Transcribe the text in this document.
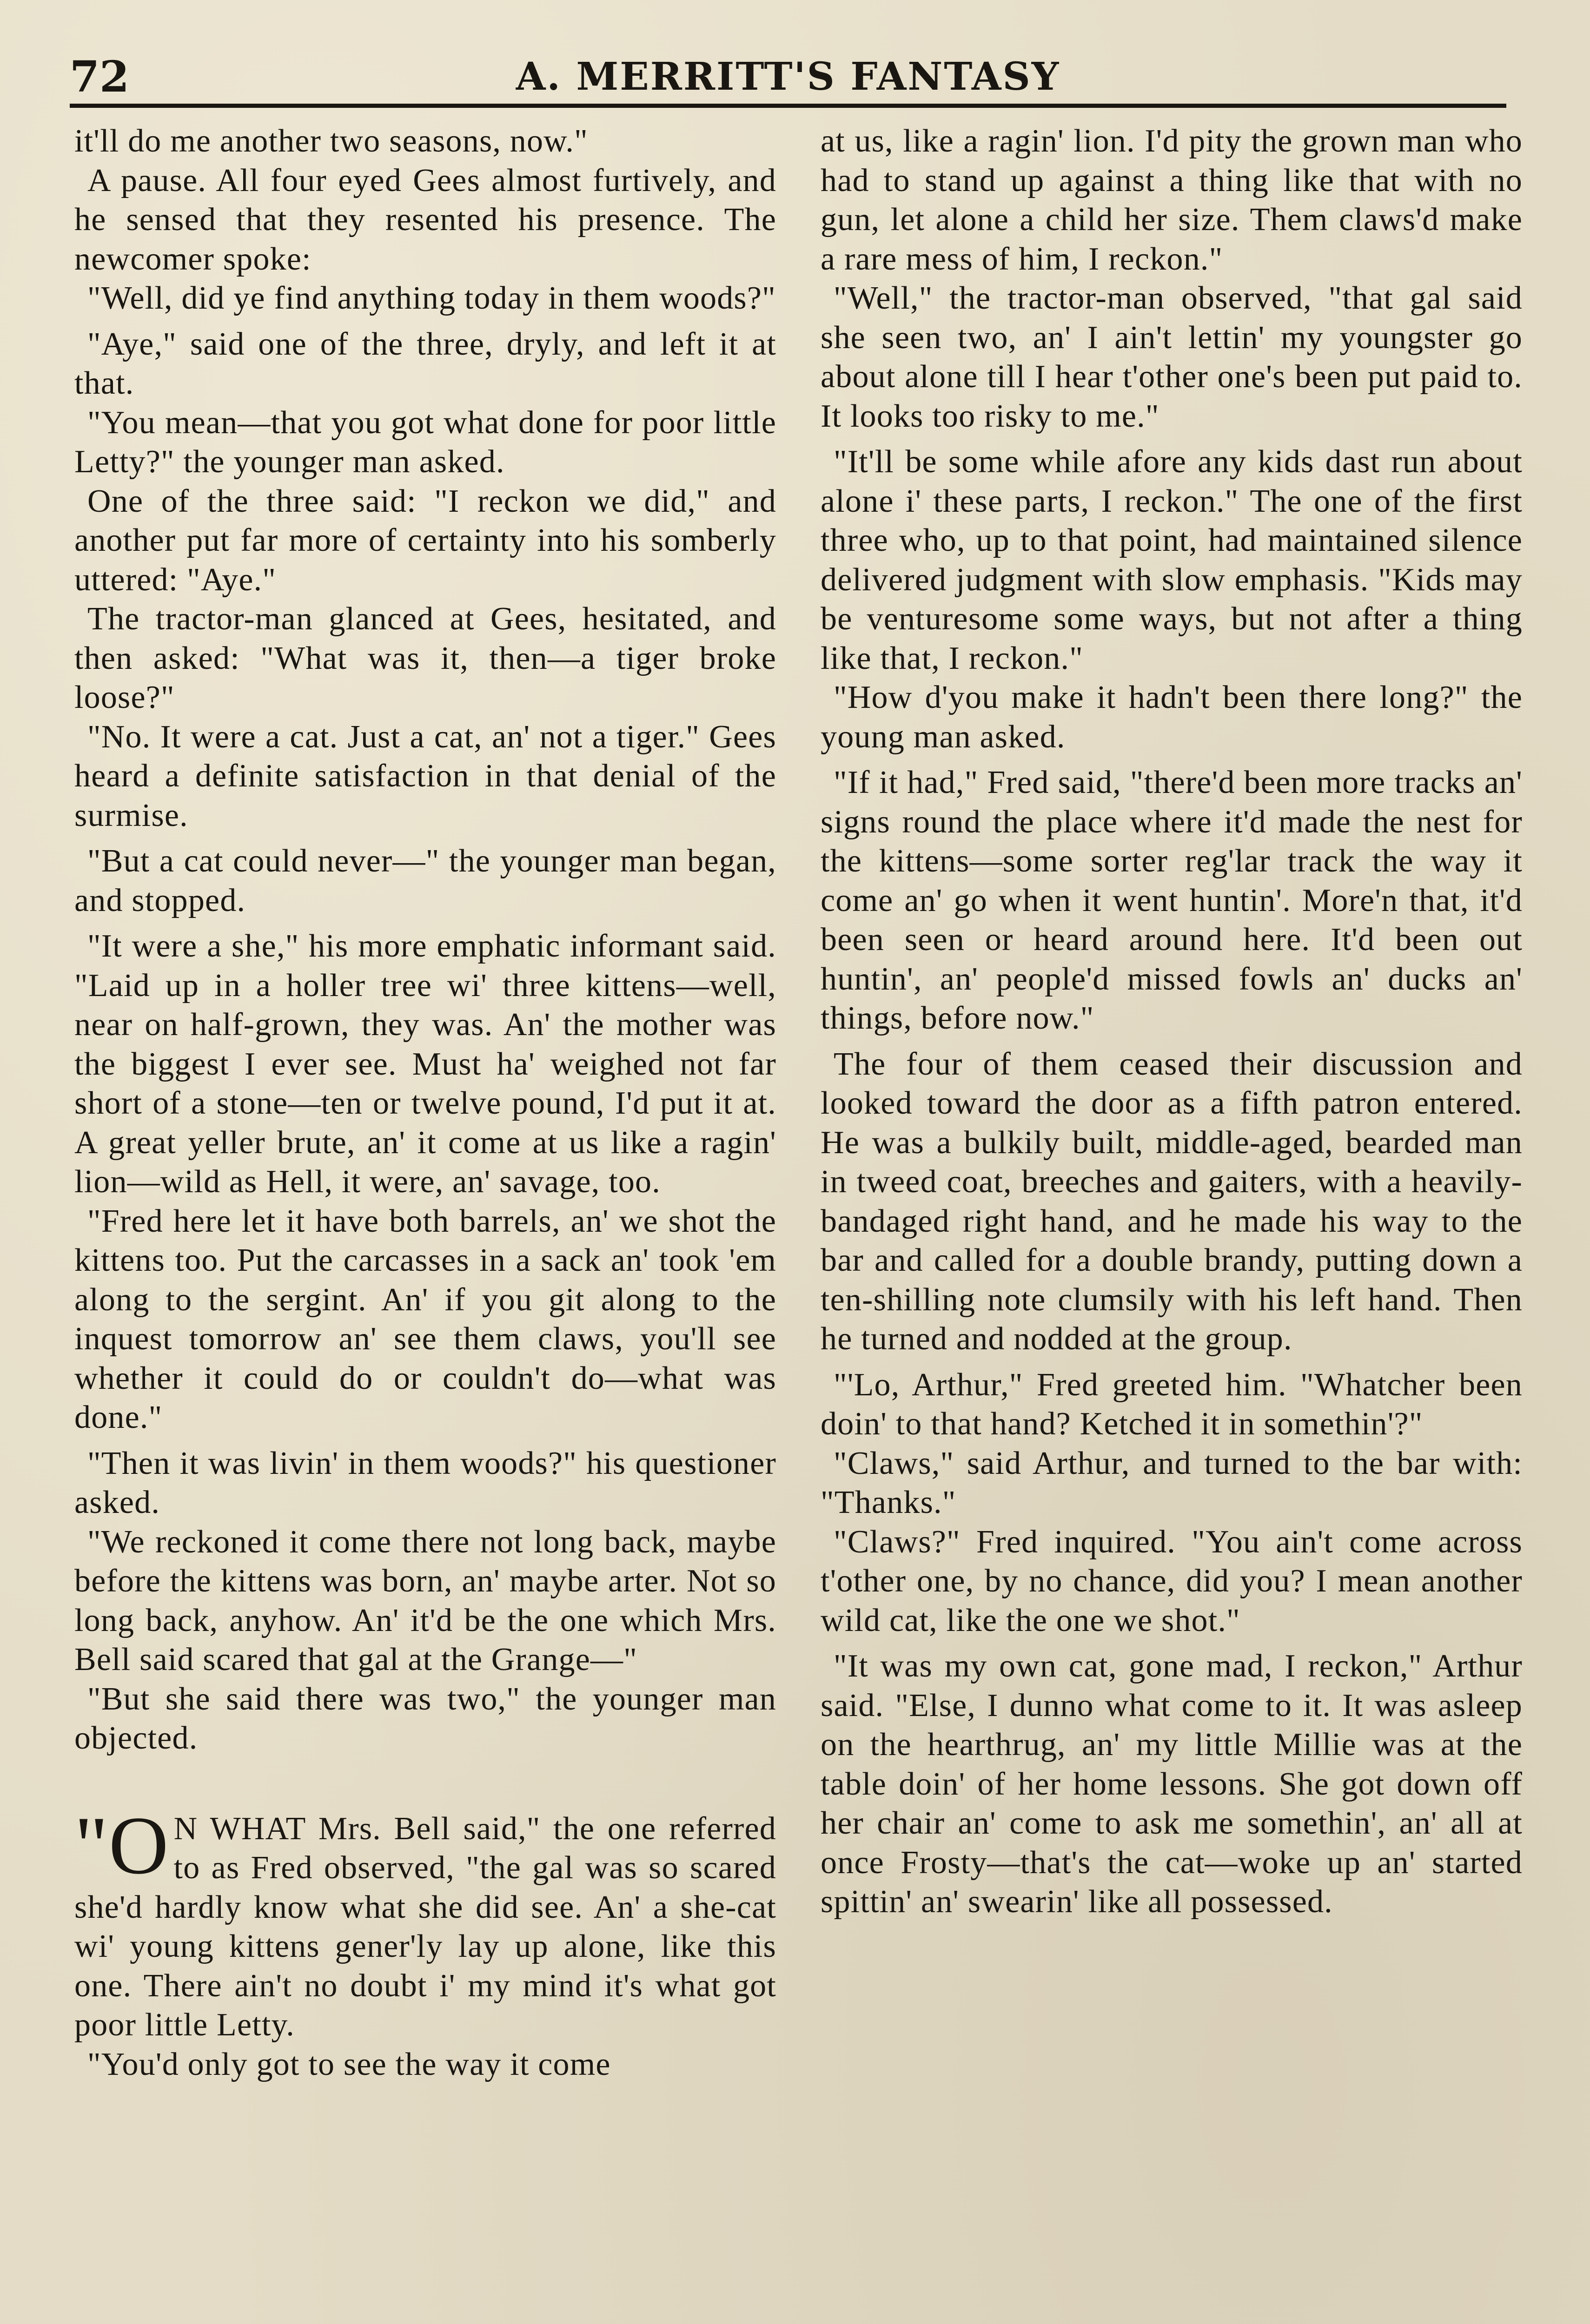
72	A. MERRITT'S FANTASY

it'll do me another two seasons, now."

A pause. All four eyed Gees almost furtively, and he sensed that they resented his presence. The newcomer spoke:

"Well, did ye find anything today in them woods?"

"Aye," said one of the three, dryly, and left it at that.

"You mean—that you got what done for poor little Letty?" the younger man asked.

One of the three said: "I reckon we did," and another put far more of certainty into his somberly uttered: "Aye."

The tractor-man glanced at Gees, hesitated, and then asked: "What was it, then—a tiger broke loose?"

"No. It were a cat. Just a cat, an' not a tiger." Gees heard a definite satisfaction in that denial of the surmise.

"But a cat could never—" the younger man began, and stopped.

"It were a she," his more emphatic informant said. "Laid up in a holler tree wi' three kittens—well, near on half-grown, they was. An' the mother was the biggest I ever see. Must ha' weighed not far short of a stone—ten or twelve pound, I'd put it at. A great yeller brute, an' it come at us like a ragin' lion—wild as Hell, it were, an' savage, too.

"Fred here let it have both barrels, an' we shot the kittens too. Put the carcasses in a sack an' took 'em along to the sergint. An' if you git along to the inquest tomorrow an' see them claws, you'll see whether it could do or couldn't do—what was done."

"Then it was livin' in them woods?" his questioner asked.

"We reckoned it come there not long back, maybe before the kittens was born, an' maybe arter. Not so long back, anyhow. An' it'd be the one which Mrs. Bell said scared that gal at the Grange—"

"But she said there was two," the younger man objected.

"O N WHAT Mrs. Bell said," the one referred to as Fred observed, "the gal was so scared she'd hardly know what she did see. An' a she-cat wi' young kittens gener'ly lay up alone, like this one. There ain't no doubt i' my mind it's what got poor little Letty.

"You'd only got to see the way it come

at us, like a ragin' lion. I'd pity the grown man who had to stand up against a thing like that with no gun, let alone a child her size. Them claws'd make a rare mess of him, I reckon."

"Well," the tractor-man observed, "that gal said she seen two, an' I ain't lettin' my youngster go about alone till I hear t'other one's been put paid to. It looks too risky to me."

"It'll be some while afore any kids dast run about alone i' these parts, I reckon." The one of the first three who, up to that point, had maintained silence delivered judgment with slow emphasis. "Kids may be venturesome some ways, but not after a thing like that, I reckon."

"How d'you make it hadn't been there long?" the young man asked.

"If it had," Fred said, "there'd been more tracks an' signs round the place where it'd made the nest for the kittens—some sorter reg'lar track the way it come an' go when it went huntin'. More'n that, it'd been seen or heard around here. It'd been out huntin', an' people'd missed fowls an' ducks an' things, before now."

The four of them ceased their discussion and looked toward the door as a fifth patron entered. He was a bulkily built, middle-aged, bearded man in tweed coat, breeches and gaiters, with a heavily-bandaged right hand, and he made his way to the bar and called for a double brandy, putting down a ten-shilling note clumsily with his left hand. Then he turned and nodded at the group.

"'Lo, Arthur," Fred greeted him. "Whatcher been doin' to that hand? Ketched it in somethin'?"

"Claws," said Arthur, and turned to the bar with: "Thanks."

"Claws?" Fred inquired. "You ain't come across t'other one, by no chance, did you? I mean another wild cat, like the one we shot."

"It was my own cat, gone mad, I reckon," Arthur said. "Else, I dunno what come to it. It was asleep on the hearthrug, an' my little Millie was at the table doin' of her home lessons. She got down off her chair an' come to ask me somethin', an' all at once Frosty—that's the cat—woke up an' started spittin' an' swearin' like all possessed.
